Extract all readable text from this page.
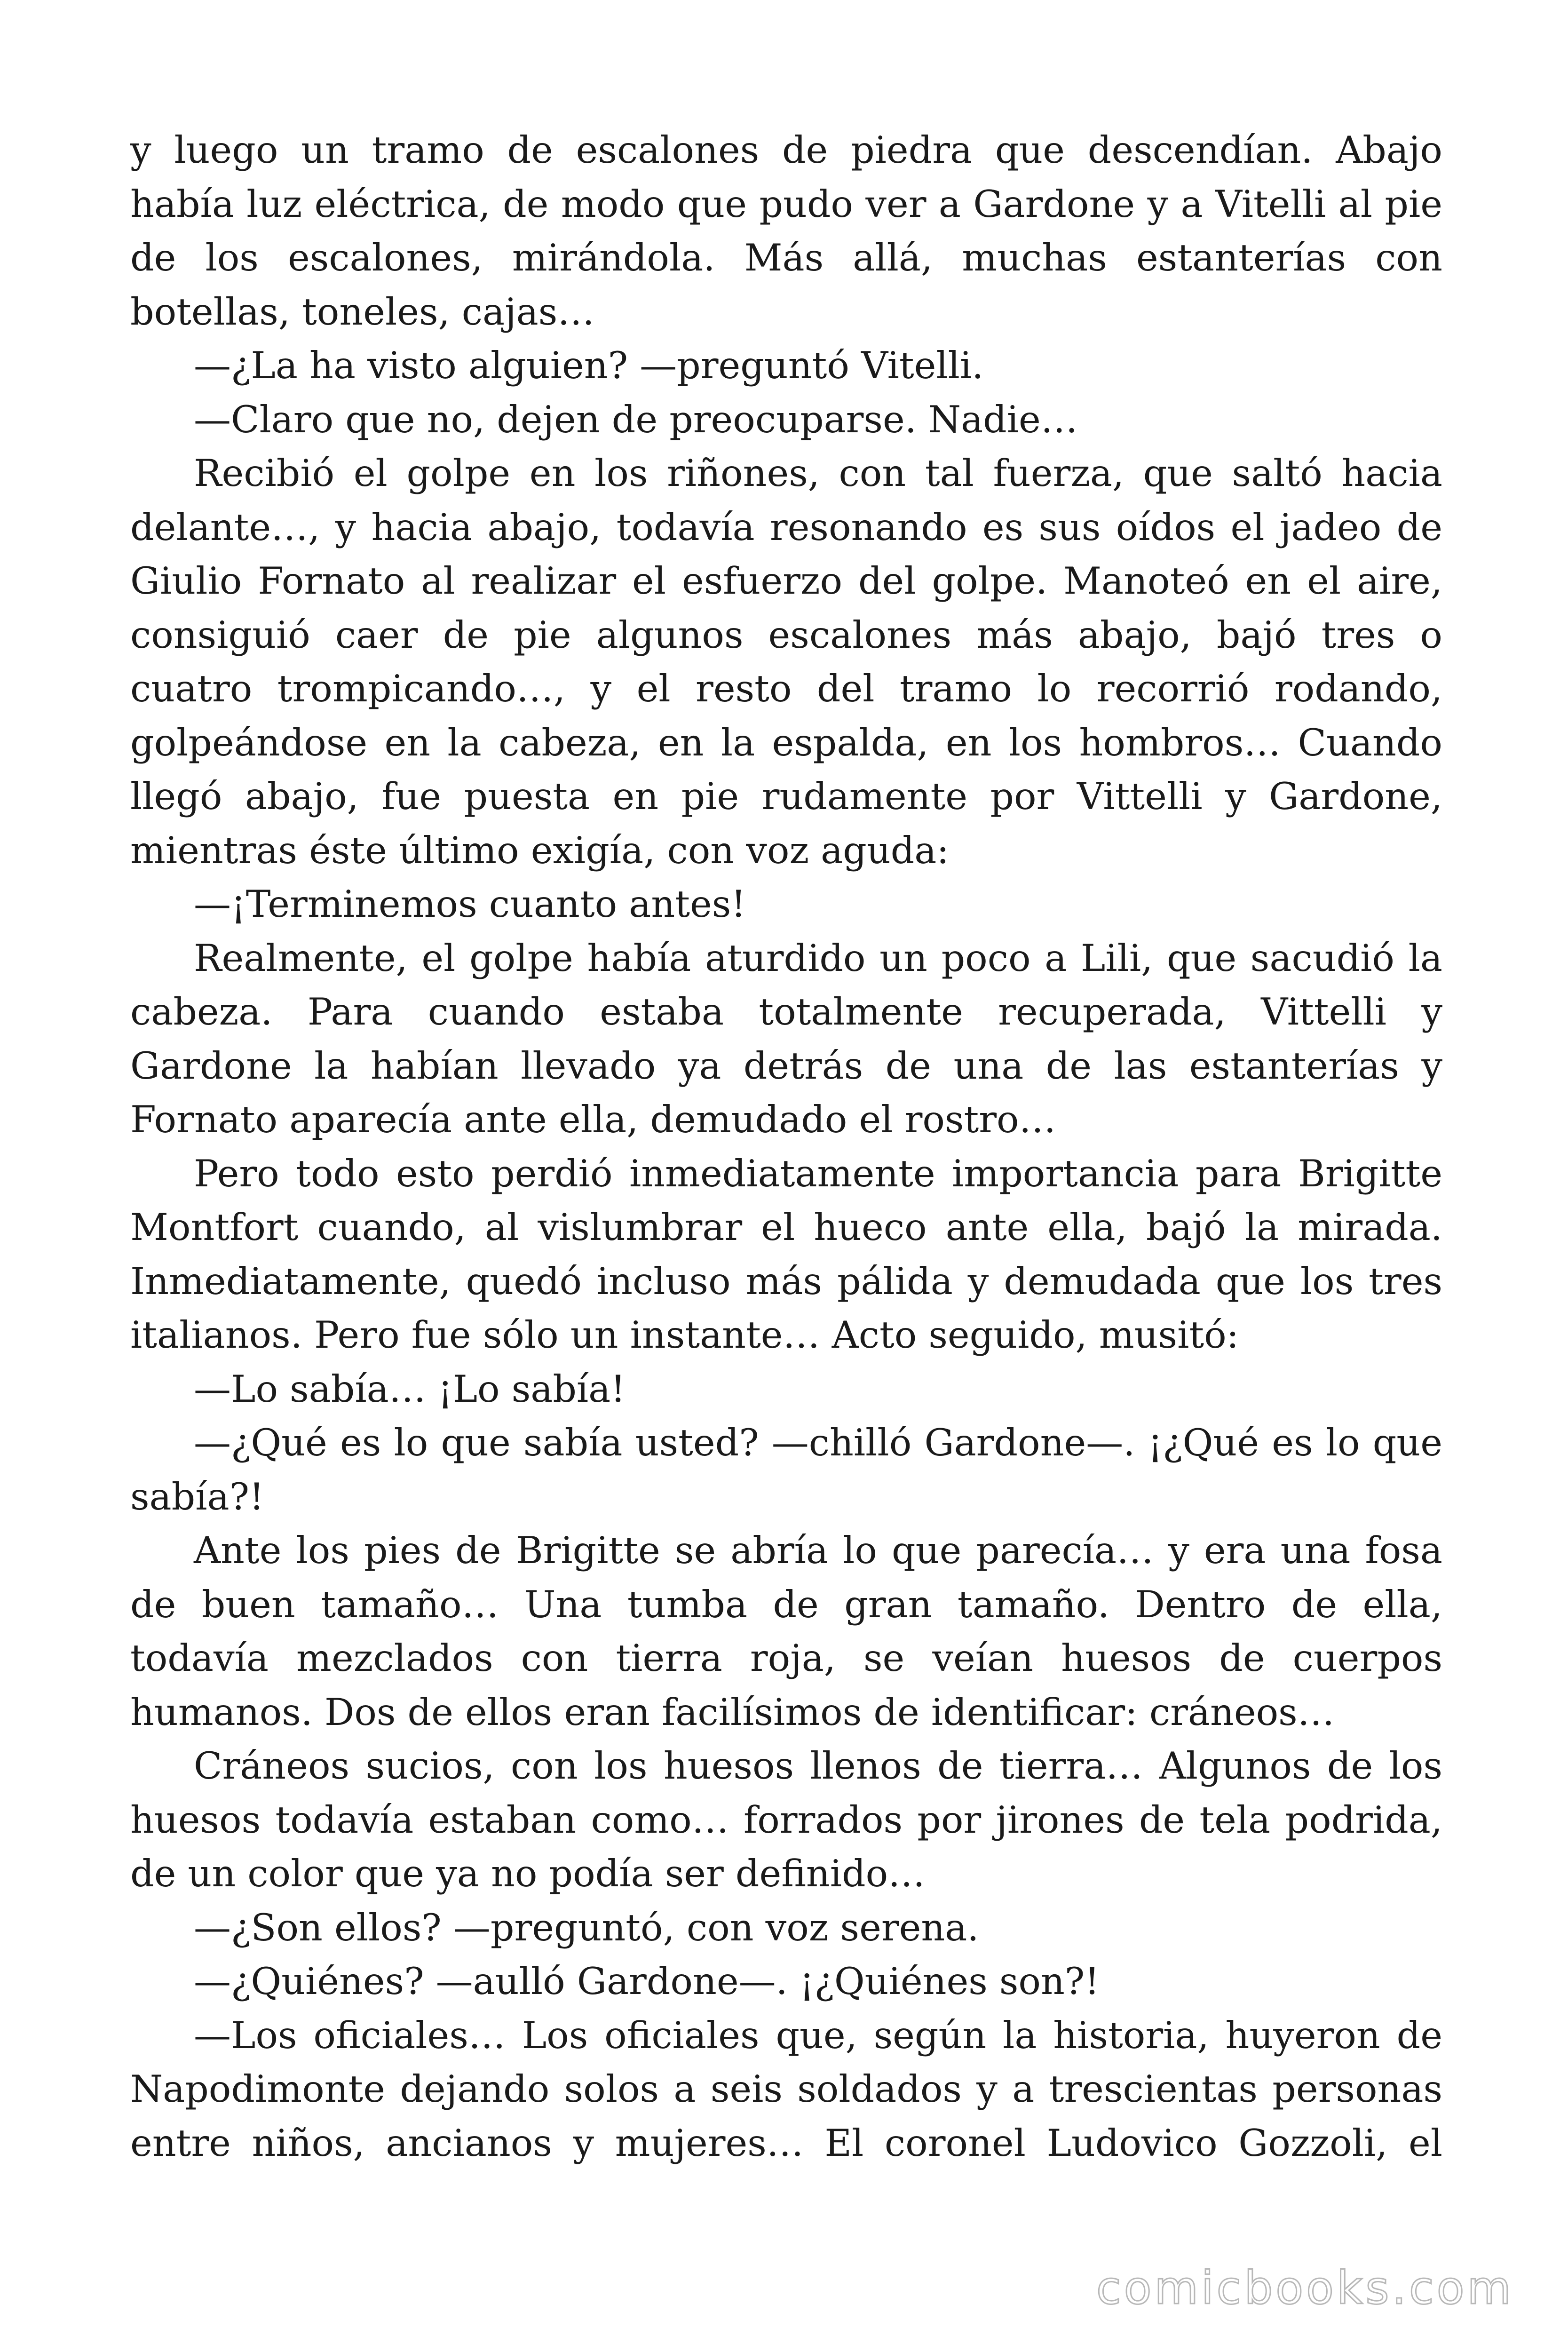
y luego un tramo de escalones de piedra que descendían. Abajo había luz eléctrica, de modo que pudo ver a Gardone y a Vitelli al pie de los escalones, mirándola. Más allá, muchas estanterías con botellas, toneles, cajas…

—¿La ha visto alguien? —preguntó Vitelli.

—Claro que no, dejen de preocuparse. Nadie…

Recibió el golpe en los riñones, con tal fuerza, que saltó hacia delante…, y hacia abajo, todavía resonando es sus oídos el jadeo de Giulio Fornato al realizar el esfuerzo del golpe. Manoteó en el aire, consiguió caer de pie algunos escalones más abajo, bajó tres o cuatro trompicando…, y el resto del tramo lo recorrió rodando, golpeándose en la cabeza, en la espalda, en los hombros… Cuando llegó abajo, fue puesta en pie rudamente por Vittelli y Gardone, mientras éste último exigía, con voz aguda:

—¡Terminemos cuanto antes!

Realmente, el golpe había aturdido un poco a Lili, que sacudió la cabeza. Para cuando estaba totalmente recuperada, Vittelli y Gardone la habían llevado ya detrás de una de las estanterías y Fornato aparecía ante ella, demudado el rostro…

Pero todo esto perdió inmediatamente importancia para Brigitte Montfort cuando, al vislumbrar el hueco ante ella, bajó la mirada. Inmediatamente, quedó incluso más pálida y demudada que los tres italianos. Pero fue sólo un instante… Acto seguido, musitó:

—Lo sabía… ¡Lo sabía!

—¿Qué es lo que sabía usted? —chilló Gardone—. ¡¿Qué es lo que sabía?!

Ante los pies de Brigitte se abría lo que parecía… y era una fosa de buen tamaño… Una tumba de gran tamaño. Dentro de ella, todavía mezclados con tierra roja, se veían huesos de cuerpos humanos. Dos de ellos eran facilísimos de identificar: cráneos…

Cráneos sucios, con los huesos llenos de tierra… Algunos de los huesos todavía estaban como… forrados por jirones de tela podrida, de un color que ya no podía ser definido…

—¿Son ellos? —preguntó, con voz serena.

—¿Quiénes? —aulló Gardone—. ¡¿Quiénes son?!

—Los oficiales… Los oficiales que, según la historia, huyeron de Napodimonte dejando solos a seis soldados y a trescientas personas entre niños, ancianos y mujeres… El coronel Ludovico Gozzoli, el

comicbooks.com
